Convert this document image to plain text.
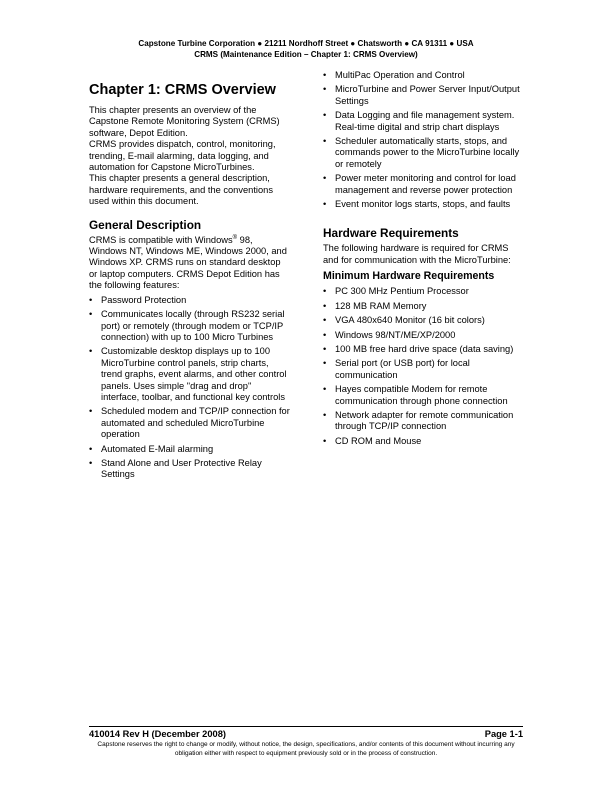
Capstone Turbine Corporation ● 21211 Nordhoff Street ● Chatsworth ● CA 91311 ● USA
CRMS (Maintenance Edition – Chapter 1: CRMS Overview)
Chapter 1: CRMS Overview

This chapter presents an overview of the Capstone Remote Monitoring System (CRMS) software, Depot Edition.

CRMS provides dispatch, control, monitoring, trending, E-mail alarming, data logging, and automation for Capstone MicroTurbines.

This chapter presents a general description, hardware requirements, and the conventions used within this document.

General Description

CRMS is compatible with Windows® 98, Windows NT, Windows ME, Windows 2000, and Windows XP. CRMS runs on standard desktop or laptop computers. CRMS Depot Edition has the following features:

• Password Protection
• Communicates locally (through RS232 serial port) or remotely (through modem or TCP/IP connection) with up to 100 Micro Turbines
• Customizable desktop displays up to 100 MicroTurbine control panels, strip charts, trend graphs, event alarms, and other control panels. Uses simple "drag and drop" interface, toolbar, and functional key controls
• Scheduled modem and TCP/IP connection for automated and scheduled MicroTurbine operation
• Automated E-Mail alarming
• Stand Alone and User Protective Relay Settings
• MultiPac Operation and Control
• MicroTurbine and Power Server Input/Output Settings
• Data Logging and file management system. Real-time digital and strip chart displays
• Scheduler automatically starts, stops, and commands power to the MicroTurbine locally or remotely
• Power meter monitoring and control for load management and reverse power protection
• Event monitor logs starts, stops, and faults
Hardware Requirements

The following hardware is required for CRMS and for communication with the MicroTurbine:

Minimum Hardware Requirements
• PC 300 MHz Pentium Processor
• 128 MB RAM Memory
• VGA 480x640 Monitor (16 bit colors)
• Windows 98/NT/ME/XP/2000
• 100 MB free hard drive space (data saving)
• Serial port (or USB port) for local communication
• Hayes compatible Modem for remote communication through phone connection
• Network adapter for remote communication through TCP/IP connection
• CD ROM and Mouse
410014 Rev H (December 2008)	Page 1-1
Capstone reserves the right to change or modify, without notice, the design, specifications, and/or contents of this document without incurring any obligation either with respect to equipment previously sold or in the process of construction.
